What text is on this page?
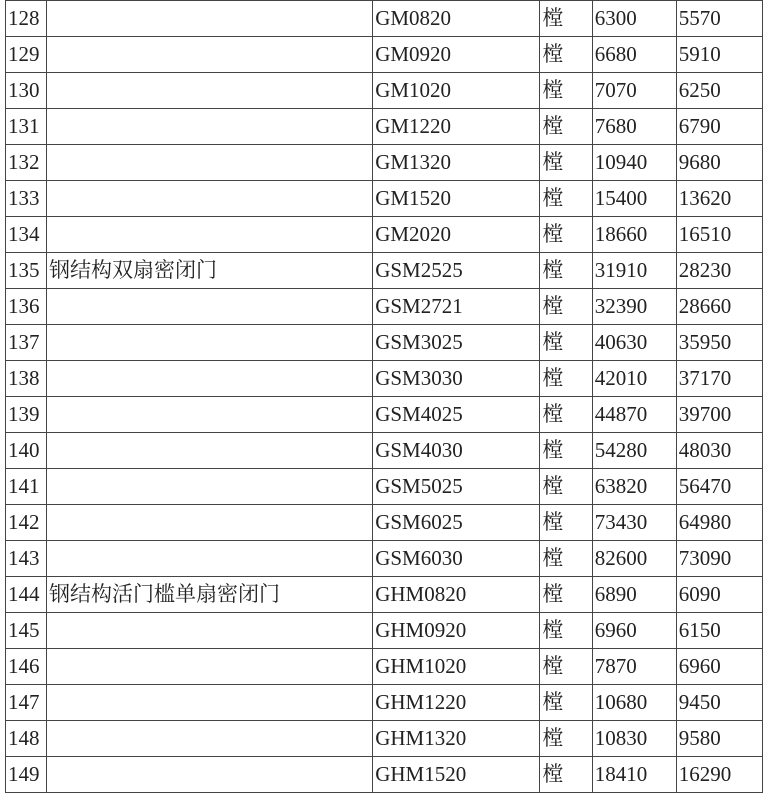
128		GM0820	樘	6300	5570
129		GM0920	樘	6680	5910
130		GM1020	樘	7070	6250
131		GM1220	樘	7680	6790
132		GM1320	樘	10940	9680
133		GM1520	樘	15400	13620
134		GM2020	樘	18660	16510
135	钢结构双扇密闭门	GSM2525	樘	31910	28230
136		GSM2721	樘	32390	28660
137		GSM3025	樘	40630	35950
138		GSM3030	樘	42010	37170
139		GSM4025	樘	44870	39700
140		GSM4030	樘	54280	48030
141		GSM5025	樘	63820	56470
142		GSM6025	樘	73430	64980
143		GSM6030	樘	82600	73090
144	钢结构活门槛单扇密闭门	GHM0820	樘	6890	6090
145		GHM0920	樘	6960	6150
146		GHM1020	樘	7870	6960
147		GHM1220	樘	10680	9450
148		GHM1320	樘	10830	9580
149		GHM1520	樘	18410	16290
